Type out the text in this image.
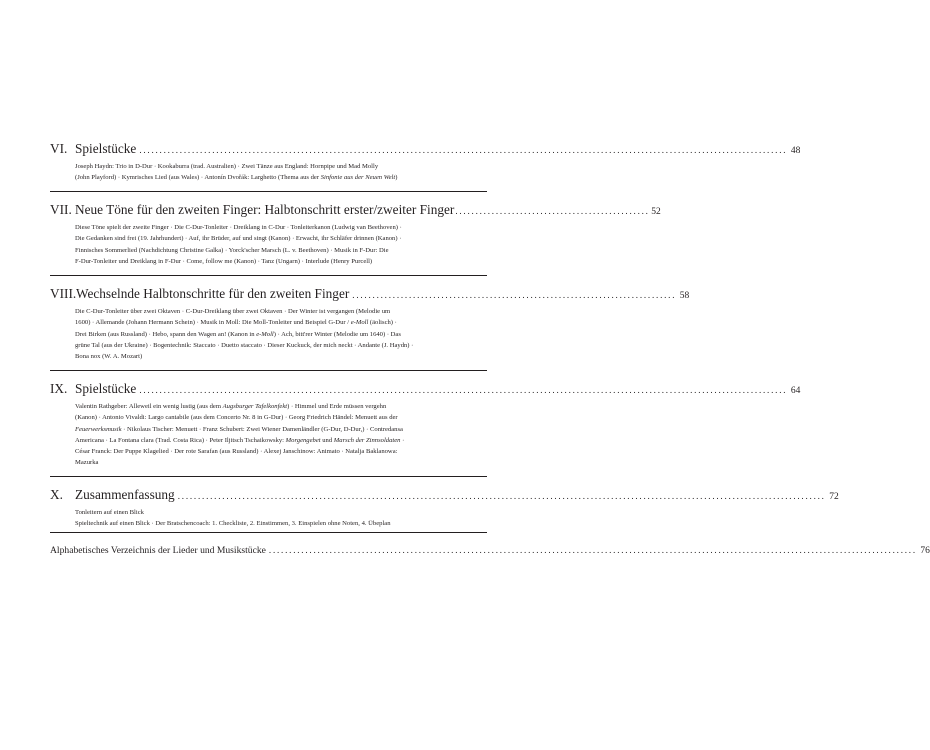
VI. Spielstücke ................................................................................................................................................................ 48
Joseph Haydn: Trio in D-Dur · Kookaburra (trad. Australien) · Zwei Tänze aus England: Hornpipe und Mad Molly
(John Playford) · Kymrisches Lied (aus Wales) · Antonín Dvořák: Larghetto (Thema aus der Sinfonie aus der Neuen Welt)
VII. Neue Töne für den zweiten Finger: Halbtonschritt erster/zweiter Finger ................................................ 52
Diese Töne spielt der zweite Finger · Die C-Dur-Tonleiter · Dreiklang in C-Dur · Tonleiterkanon (Ludwig van Beethoven) ·
Die Gedanken sind frei (19. Jahrhundert) · Auf, ihr Brüder, auf und singt (Kanon) · Erwacht, ihr Schläfer drinnen (Kanon) ·
Finnisches Sommerlied (Nachdichtung Christine Galka) · Yorck'scher Marsch (L. v. Beethoven) · Musik in F-Dur: Die
F-Dur-Tonleiter und Dreiklang in F-Dur · Come, follow me (Kanon) · Tanz (Ungarn) · Interlude (Henry Purcell)
VIII.Wechselnde Halbtonschritte für den zweiten Finger ................................................................................ 58
Die C-Dur-Tonleiter über zwei Oktaven · C-Dur-Dreiklang über zwei Oktaven · Der Winter ist vergangen (Melodie um
1600) · Allemande (Johann Hermann Schein) · Musik in Moll: Die Moll-Tonleiter und Beispiel G-Dur / e-Moll (äolisch) ·
Drei Birken (aus Russland) · Hebo, spann den Wagen an! (Kanon in e-Moll) · Ach, bitt'rer Winter (Melodie um 1640) · Das
grüne Tal (aus der Ukraine) · Bogentechnik: Staccato · Duetto staccato · Dieser Kuckuck, der mich neckt · Andante (J. Haydn) ·
Bona nox (W. A. Mozart)
IX. Spielstücke ................................................................................................................................................................ 64
Valentin Rathgeber: Alleweil ein wenig lustig (aus dem Augsburger Tafelkonfekt) · Himmel und Erde müssen vergehn
(Kanon) · Antonio Vivaldi: Largo cantabile (aus dem Concerto Nr. 8 in G-Dur) · Georg Friedrich Händel: Menuett aus der
Feuerwerksmusik · Nikolaus Tischer: Menuett · Franz Schubert: Zwei Wiener Damenländler (G-Dur, D-Dur,) · Contredansa
Americana · La Fontana clara (Trad. Costa Rica) · Peter Iljitsch Tschaikowsky: Morgengebet und Marsch der Zinnsoldaten ·
César Franck: Der Puppe Klagelied · Der rote Sarafan (aus Russland) · Alexej Janschinow: Animato · Natalja Baklanowa:
Mazurka
X. Zusammenfassung ................................................................................................................................................................ 72
Tonleitern auf einen Blick
Spieltechnik auf einen Blick · Der Bratschencoach: 1. Checkliste, 2. Einstimmen, 3. Einspielen ohne Noten, 4. Übeplan
Alphabetisches Verzeichnis der Lieder und Musikstücke ................................................................................................................................................................ 76
